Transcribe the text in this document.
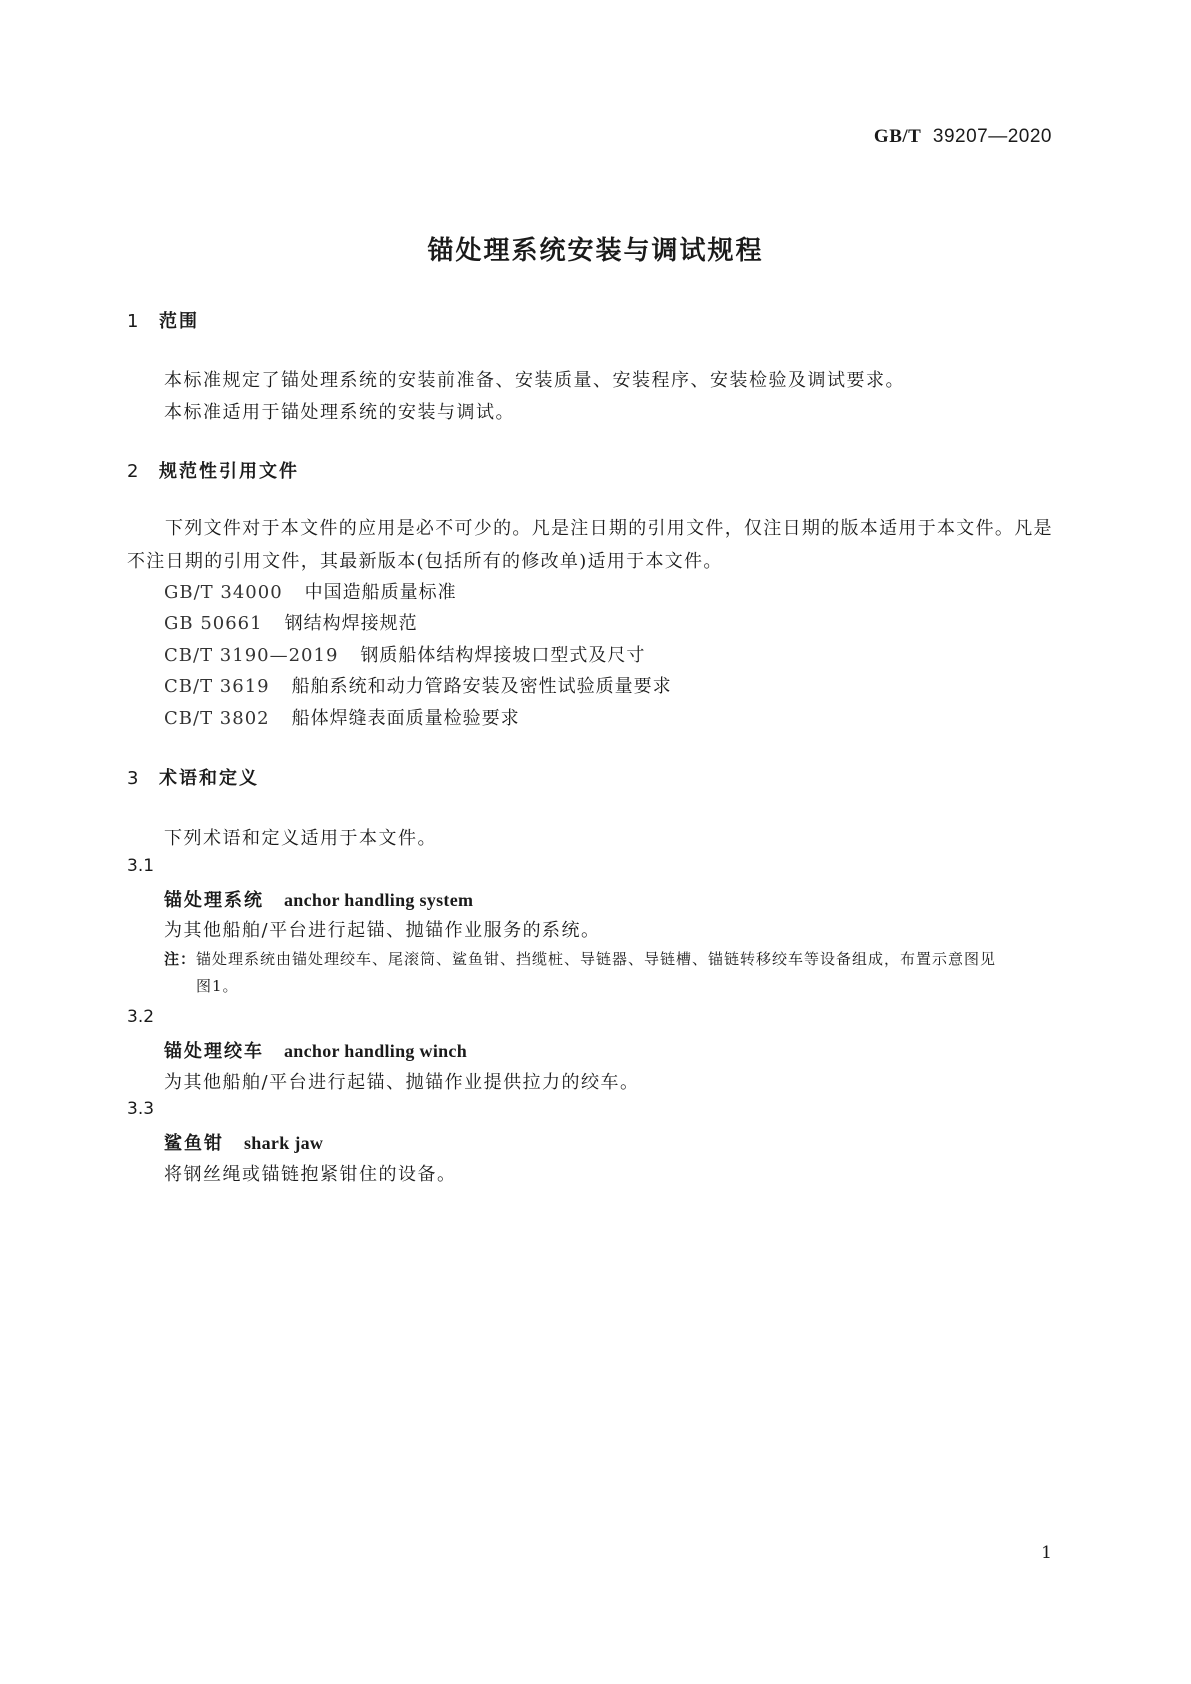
GB/T 39207—2020
锚处理系统安装与调试规程
1 范围
本标准规定了锚处理系统的安装前准备、安装质量、安装程序、安装检验及调试要求。
本标准适用于锚处理系统的安装与调试。
2 规范性引用文件
下列文件对于本文件的应用是必不可少的。凡是注日期的引用文件，仅注日期的版本适用于本文件。凡是不注日期的引用文件，其最新版本(包括所有的修改单)适用于本文件。
GB/T 34000 中国造船质量标准
GB 50661 钢结构焊接规范
CB/T 3190—2019 钢质船体结构焊接坡口型式及尺寸
CB/T 3619 船舶系统和动力管路安装及密性试验质量要求
CB/T 3802 船体焊缝表面质量检验要求
3 术语和定义
下列术语和定义适用于本文件。
3.1
锚处理系统 anchor handling system
为其他船舶/平台进行起锚、抛锚作业服务的系统。
注：锚处理系统由锚处理绞车、尾滚筒、鲨鱼钳、挡缆桩、导链器、导链槽、锚链转移绞车等设备组成，布置示意图见
图1。
3.2
锚处理绞车 anchor handling winch
为其他船舶/平台进行起锚、抛锚作业提供拉力的绞车。
3.3
鲨鱼钳 shark jaw
将钢丝绳或锚链抱紧钳住的设备。
1
